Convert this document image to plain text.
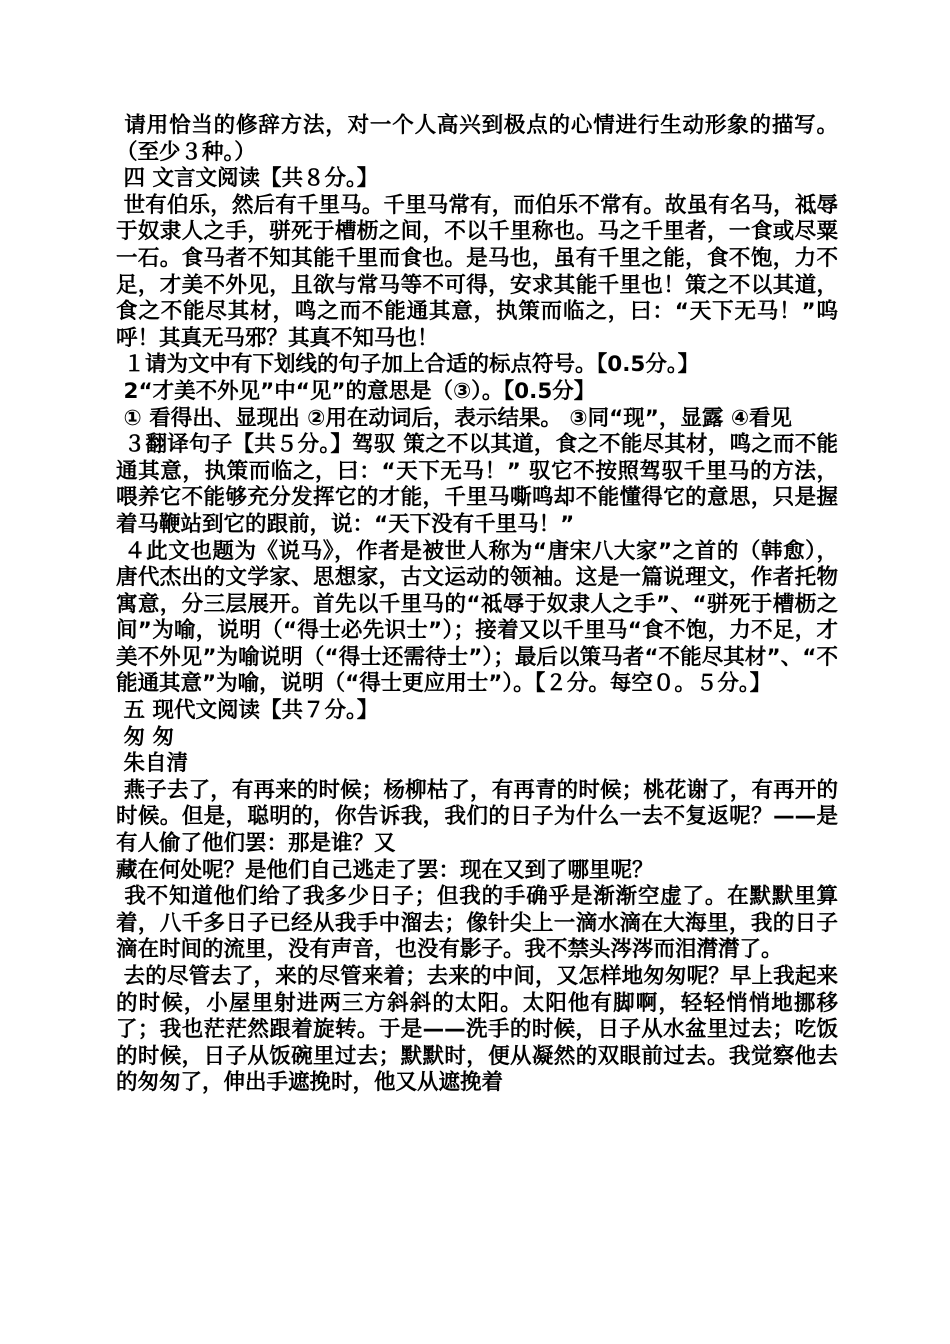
请用恰当的修辞方法，对一个人高兴到极点的心情进行生动形象的描写。（至少３种。）

四 文言文阅读【共８分。】

世有伯乐，然后有千里马。千里马常有，而伯乐不常有。故虽有名马，祗辱于奴隶人之手，骈死于槽枥之间，不以千里称也。马之千里者，一食或尽粟一石。食马者不知其能千里而食也。是马也，虽有千里之能，食不饱，力不足，才美不外见，且欲与常马等不可得，安求其能千里也！策之不以其道，食之不能尽其材，鸣之而不能通其意，执策而临之，曰：“天下无马！”呜呼！其真无马邪？其真不知马也！

１请为文中有下划线的句子加上合适的标点符号。【0.5分。】

2“才美不外见”中“见”的意思是（③）。【0.5分】

① 看得出、显现出 ②用在动词后，表示结果。 ③同“现”，显露 ④看见

３翻译句子【共５分。】驾驭 策之不以其道，食之不能尽其材，鸣之而不能通其意，执策而临之，曰：“天下无马！” 驭它不按照驾驭千里马的方法，喂养它不能够充分发挥它的才能，千里马嘶鸣却不能懂得它的意思，只是握着马鞭站到它的跟前，说：“天下没有千里马！”

４此文也题为《说马》，作者是被世人称为“唐宋八大家”之首的（韩愈），唐代杰出的文学家、思想家，古文运动的领袖。这是一篇说理文，作者托物寓意，分三层展开。首先以千里马的“祗辱于奴隶人之手”、“骈死于槽枥之间”为喻，说明（“得士必先识士”）；接着又以千里马“食不饱，力不足，才美不外见”为喻说明（“得士还需待士”）；最后以策马者“不能尽其材”、“不能通其意”为喻，说明（“得士更应用士”）。【２分。每空０。５分。】

五 现代文阅读【共７分。】

匆 匆

朱自清

燕子去了，有再来的时候；杨柳枯了，有再青的时候；桃花谢了，有再开的时候。但是，聪明的，你告诉我，我们的日子为什么一去不复返呢？——是有人偷了他们罢：那是谁？又

藏在何处呢？是他们自己逃走了罢：现在又到了哪里呢？

我不知道他们给了我多少日子；但我的手确乎是渐渐空虚了。在默默里算着，八千多日子已经从我手中溜去；像针尖上一滴水滴在大海里，我的日子滴在时间的流里，没有声音，也没有影子。我不禁头涔涔而泪潸潸了。

去的尽管去了，来的尽管来着；去来的中间，又怎样地匆匆呢？早上我起来的时候，小屋里射进两三方斜斜的太阳。太阳他有脚啊，轻轻悄悄地挪移了；我也茫茫然跟着旋转。于是——洗手的时候，日子从水盆里过去；吃饭的时候，日子从饭碗里过去；默默时，便从凝然的双眼前过去。我觉察他去的匆匆了，伸出手遮挽时，他又从遮挽着
